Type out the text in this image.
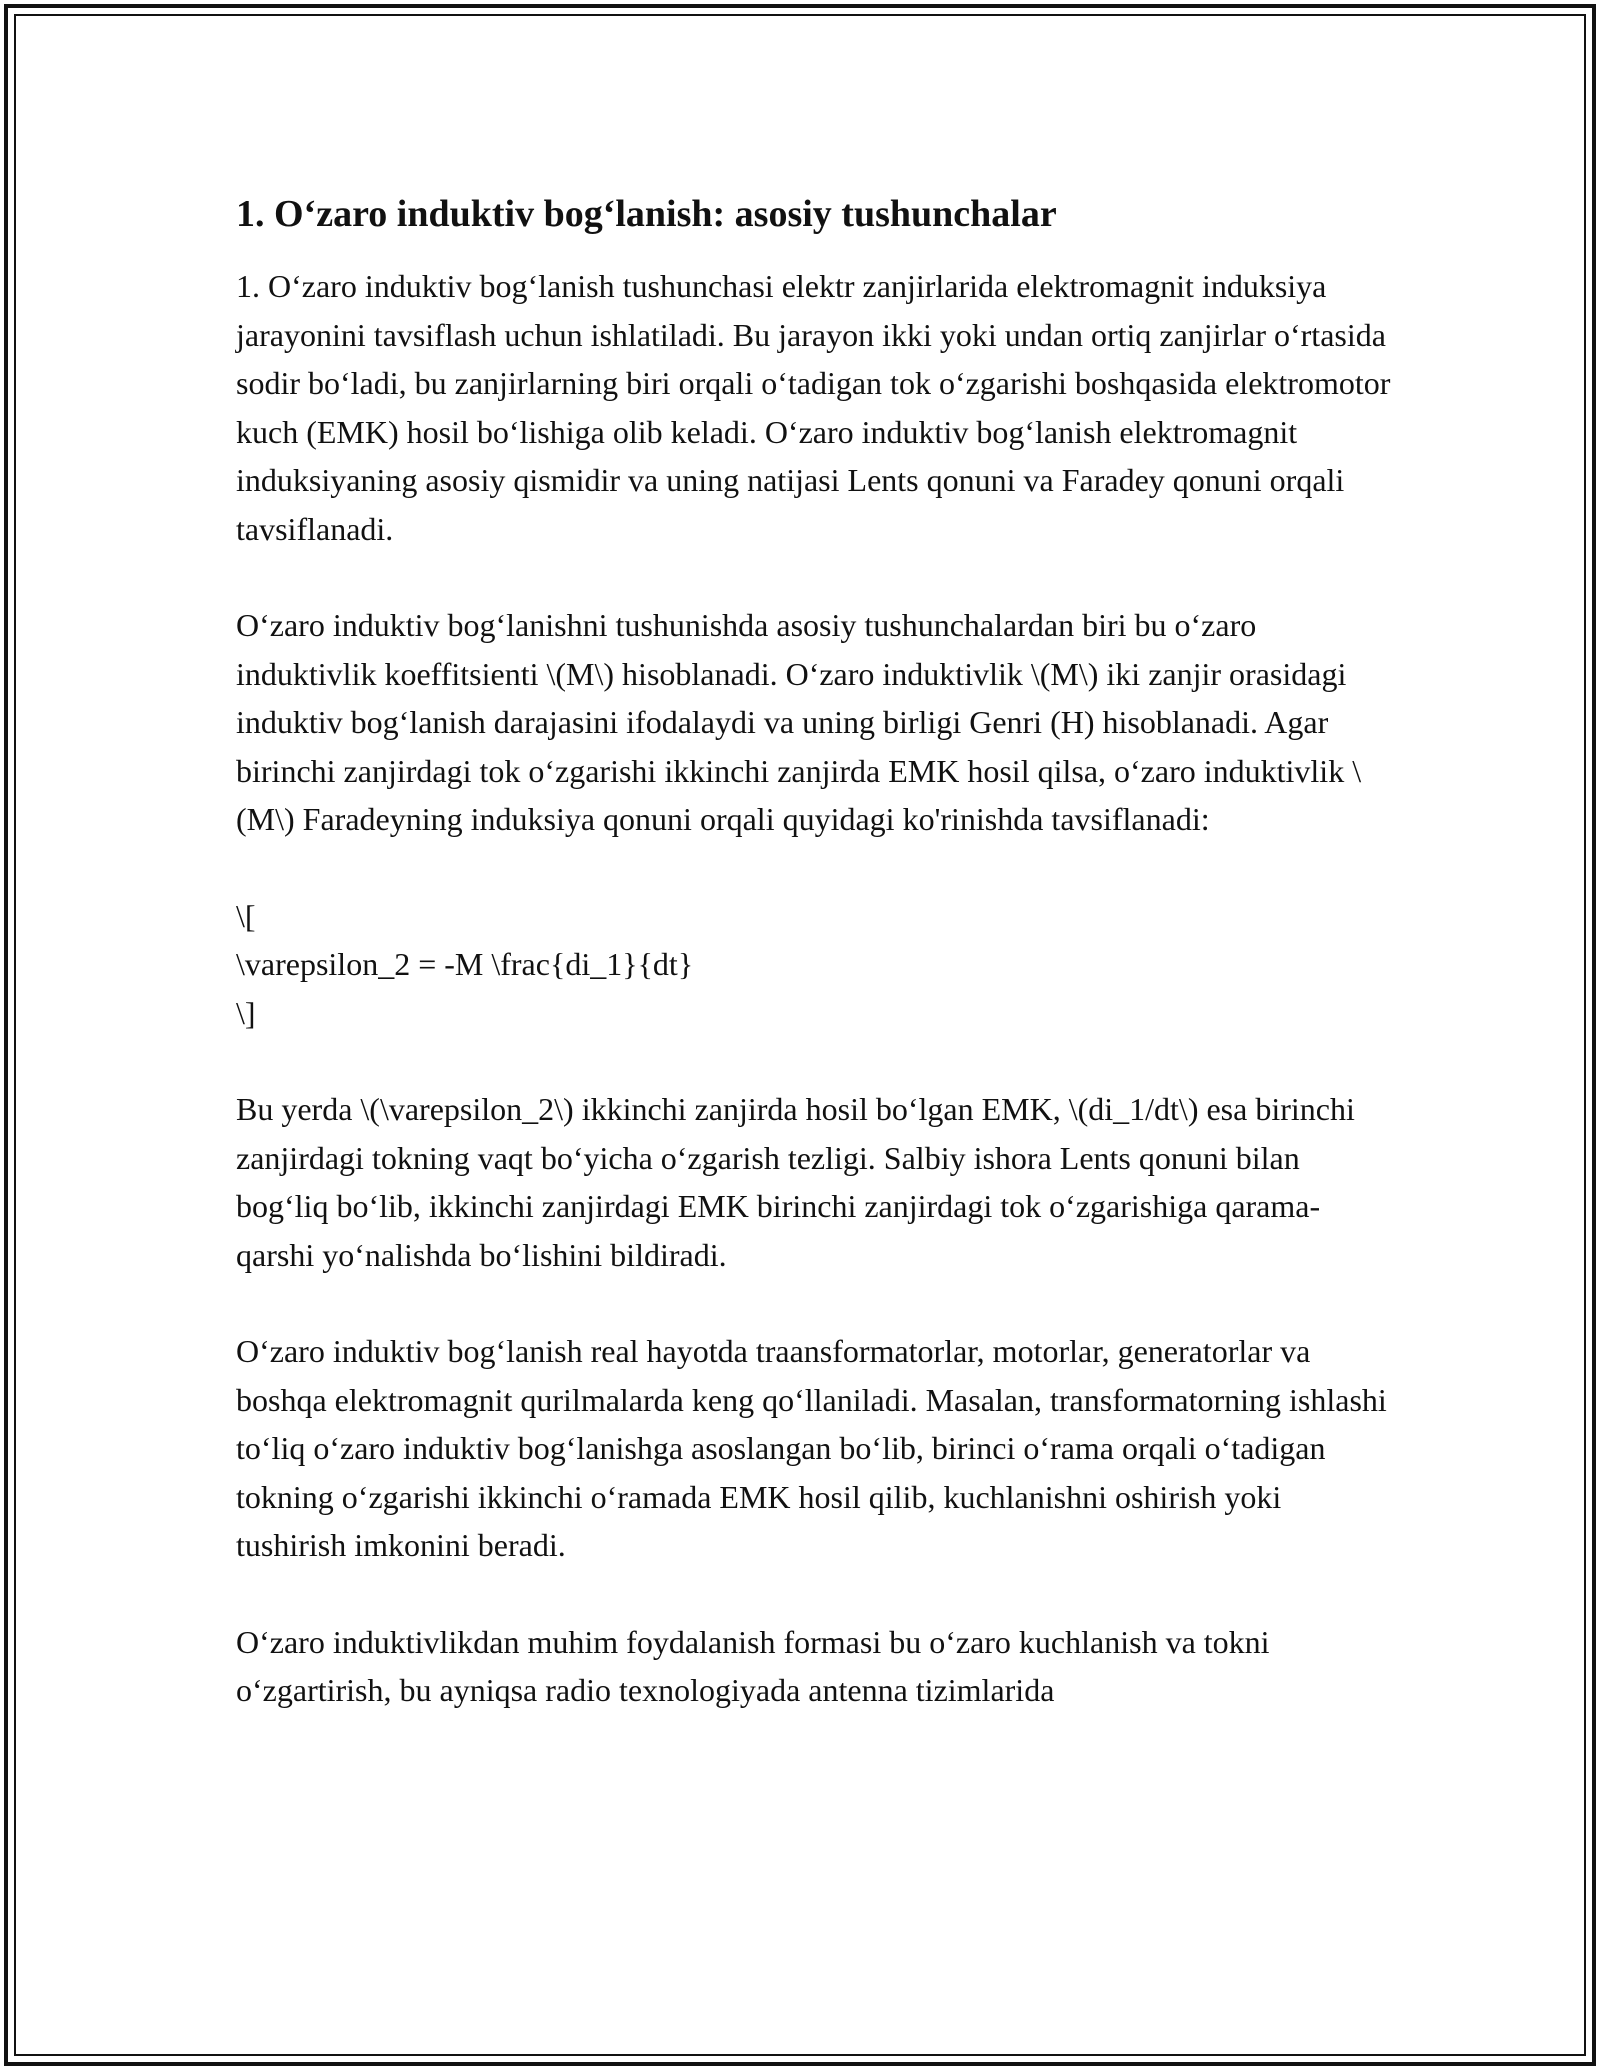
1. O‘zaro induktiv bog‘lanish: asosiy tushunchalar

1. O‘zaro induktiv bog‘lanish tushunchasi elektr zanjirlarida elektromagnit induksiya jarayonini tavsiflash uchun ishlatiladi. Bu jarayon ikki yoki undan ortiq zanjirlar o‘rtasida sodir bo‘ladi, bu zanjirlarning biri orqali o‘tadigan tok o‘zgarishi boshqasida elektromotor kuch (EMK) hosil bo‘lishiga olib keladi. O‘zaro induktiv bog‘lanish elektromagnit induksiyaning asosiy qismidir va uning natijasi Lents qonuni va Faradey qonuni orqali tavsiflanadi.

O‘zaro induktiv bog‘lanishni tushunishda asosiy tushunchalardan biri bu o‘zaro induktivlik koeffitsienti \(M\) hisoblanadi. O‘zaro induktivlik \(M\) iki zanjir orasidagi induktiv bog‘lanish darajasini ifodalaydi va uning birligi Genri (H) hisoblanadi. Agar birinchi zanjirdagi tok o‘zgarishi ikkinchi zanjirda EMK hosil qilsa, o‘zaro induktivlik \(M\) Faradeyning induksiya qonuni orqali quyidagi ko'rinishda tavsiflanadi:

\[
\varepsilon_2 = -M \frac{di_1}{dt}
\]

Bu yerda \(\varepsilon_2\) ikkinchi zanjirda hosil bo‘lgan EMK, \(di_1/dt\) esa birinchi zanjirdagi tokning vaqt bo‘yicha o‘zgarish tezligi. Salbiy ishora Lents qonuni bilan bog‘liq bo‘lib, ikkinchi zanjirdagi EMK birinchi zanjirdagi tok o‘zgarishiga qarama-qarshi yo‘nalishda bo‘lishini bildiradi.

O‘zaro induktiv bog‘lanish real hayotda traansformatorlar, motorlar, generatorlar va boshqa elektromagnit qurilmalarda keng qo‘llaniladi. Masalan, transformatorning ishlashi to‘liq o‘zaro induktiv bog‘lanishga asoslangan bo‘lib, birinci o‘rama orqali o‘tadigan tokning o‘zgarishi ikkinchi o‘ramada EMK hosil qilib, kuchlanishni oshirish yoki tushirish imkonini beradi.

O‘zaro induktivlikdan muhim foydalanish formasi bu o‘zaro kuchlanish va tokni o‘zgartirish, bu ayniqsa radio texnologiyada antenna tizimlarida
